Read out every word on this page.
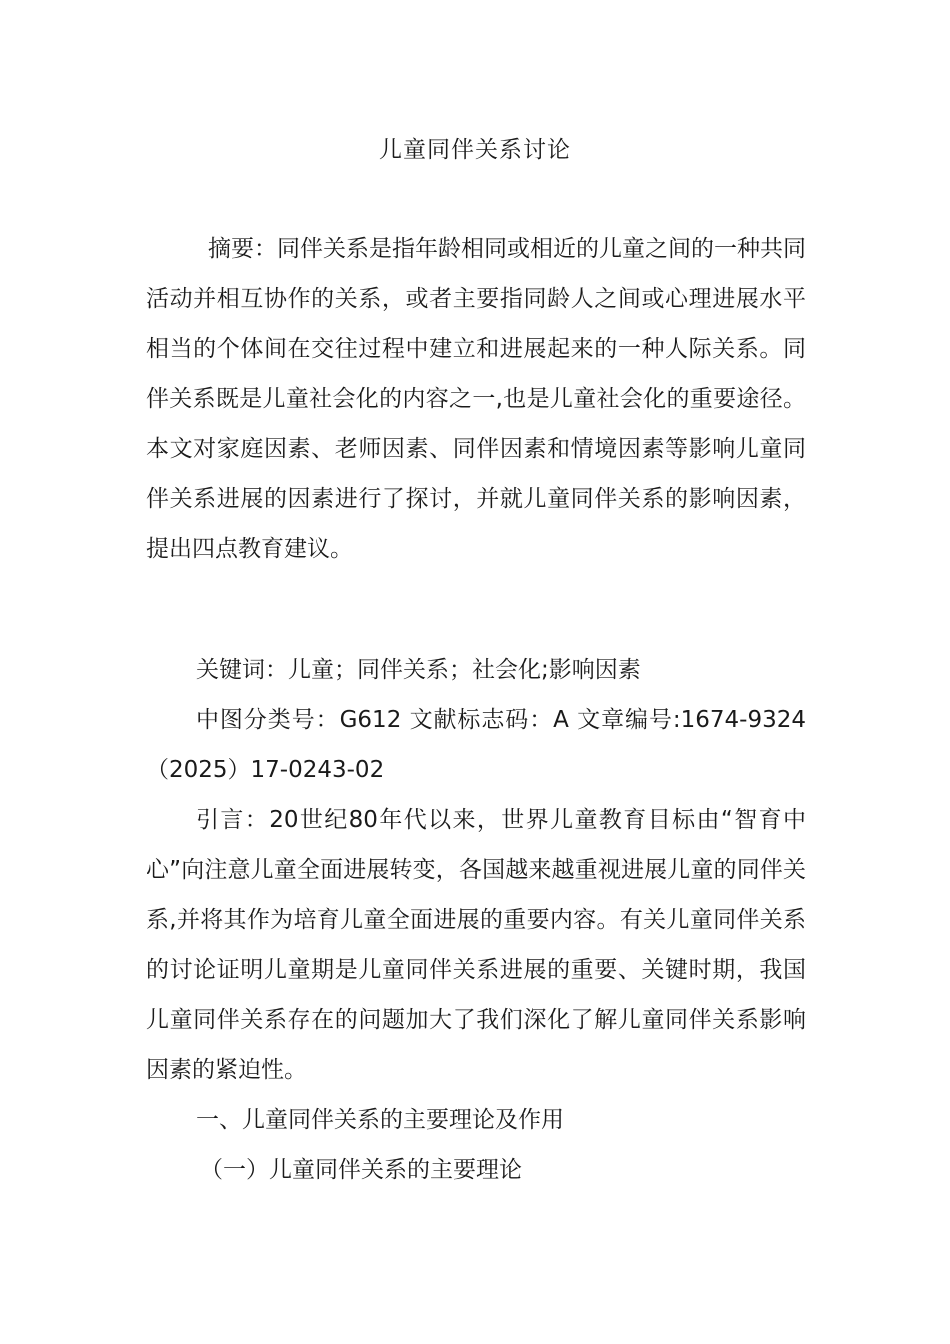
儿童同伴关系讨论
摘要：同伴关系是指年龄相同或相近的儿童之间的一种共同活动并相互协作的关系，或者主要指同龄人之间或心理进展水平相当的个体间在交往过程中建立和进展起来的一种人际关系。同伴关系既是儿童社会化的内容之一,也是儿童社会化的重要途径。本文对家庭因素、老师因素、同伴因素和情境因素等影响儿童同伴关系进展的因素进行了探讨，并就儿童同伴关系的影响因素，提出四点教育建议。
关键词：儿童；同伴关系；社会化;影响因素
中图分类号：G612 文献标志码：A 文章编号:1674-9324（2025）17-0243-02
引言：20世纪80年代以来，世界儿童教育目标由“智育中心”向注意儿童全面进展转变，各国越来越重视进展儿童的同伴关系,并将其作为培育儿童全面进展的重要内容。有关儿童同伴关系的讨论证明儿童期是儿童同伴关系进展的重要、关键时期，我国儿童同伴关系存在的问题加大了我们深化了解儿童同伴关系影响因素的紧迫性。
一、儿童同伴关系的主要理论及作用
（一）儿童同伴关系的主要理论
